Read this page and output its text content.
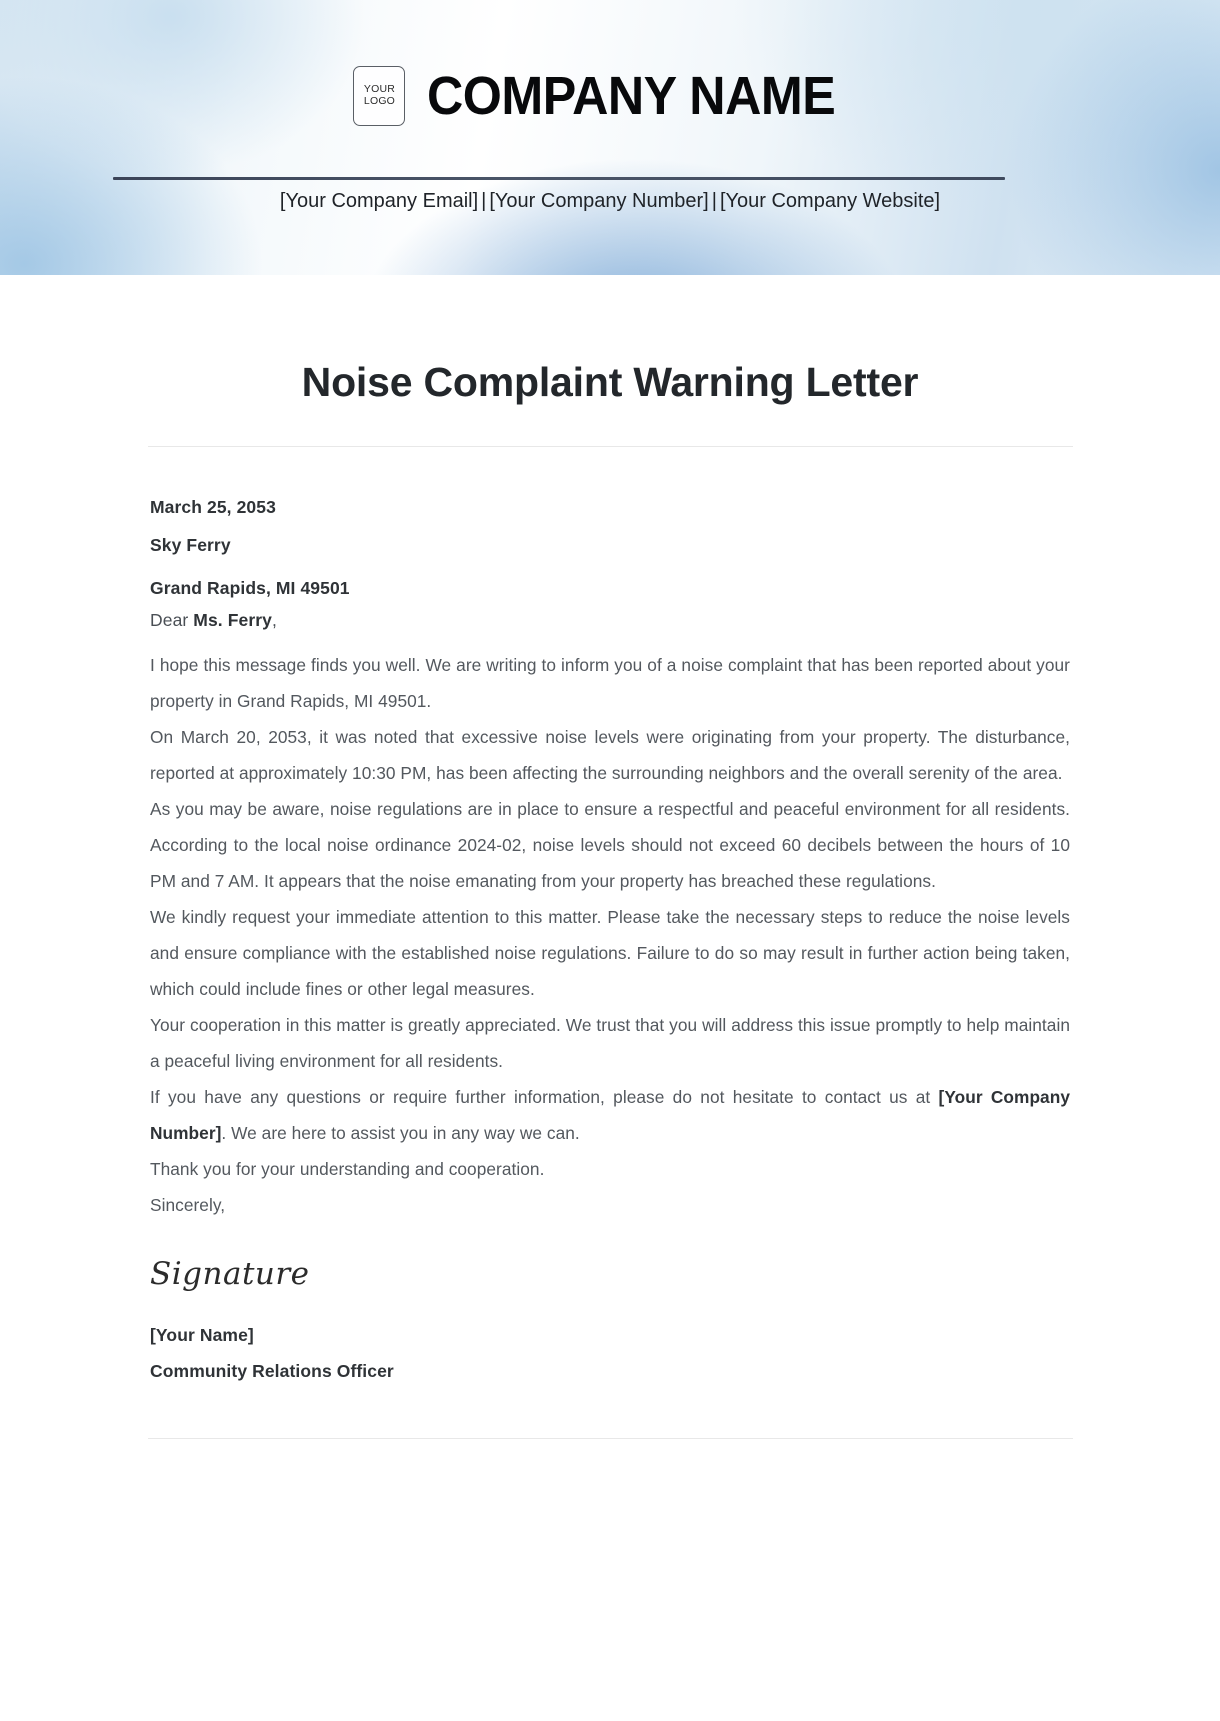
YOUR
LOGO COMPANY NAME
[Your Company Email] | [Your Company Number] | [Your Company Website]
Noise Complaint Warning Letter
March 25, 2053
Sky Ferry
Grand Rapids, MI 49501
Dear Ms. Ferry,

I hope this message finds you well. We are writing to inform you of a noise complaint that has been reported about your property in Grand Rapids, MI 49501.

On March 20, 2053, it was noted that excessive noise levels were originating from your property. The disturbance, reported at approximately 10:30 PM, has been affecting the surrounding neighbors and the overall serenity of the area.

As you may be aware, noise regulations are in place to ensure a respectful and peaceful environment for all residents. According to the local noise ordinance 2024-02, noise levels should not exceed 60 decibels between the hours of 10 PM and 7 AM. It appears that the noise emanating from your property has breached these regulations.

We kindly request your immediate attention to this matter. Please take the necessary steps to reduce the noise levels and ensure compliance with the established noise regulations. Failure to do so may result in further action being taken, which could include fines or other legal measures.

Your cooperation in this matter is greatly appreciated. We trust that you will address this issue promptly to help maintain a peaceful living environment for all residents.

If you have any questions or require further information, please do not hesitate to contact us at [Your Company Number]. We are here to assist you in any way we can.

Thank you for your understanding and cooperation.

Sincerely,

Signature
[Your Name]
Community Relations Officer
